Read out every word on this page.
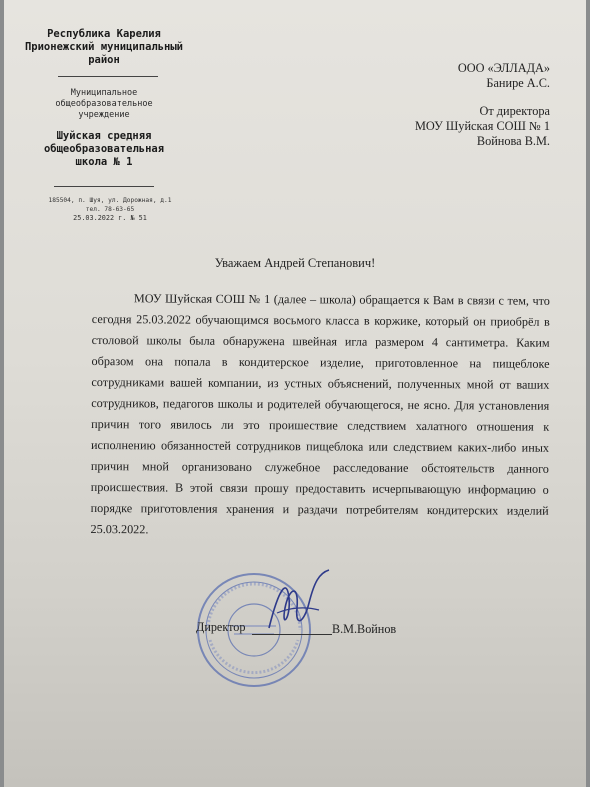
Республика Карелия
Прионежский муниципальный
район
Муниципальное
общеобразовательное
учреждение
Шуйская средняя
общеобразовательная
школа № 1
185504, п. Шуя, ул. Дорожная, д.1
тел. 78-63-65
25.03.2022 г. № 51
ООО «ЭЛЛАДА»
Банире А.С.
От директора
МОУ Шуйская СОШ № 1
Войнова В.М.
Уважаем Андрей Степанович!
МОУ Шуйская СОШ № 1 (далее – школа) обращается к Вам в связи с тем, что сегодня 25.03.2022 обучающимся восьмого класса в коржике, который он приобрёл в столовой школы была обнаружена швейная игла размером 4 сантиметра. Каким образом она попала в кондитерское изделие, приготовленное на пищеблоке сотрудниками вашей компании, из устных объяснений, полученных мной от ваших сотрудников, педагогов школы и родителей обучающегося, не ясно. Для установления причин того явилось ли это проишествие следствием халатного отношения к исполнению обязанностей сотрудников пищеблока или следствием каких-либо иных причин мной организовано служебное расследование обстоятельств данного проиcшествия. В этой связи прошу предоставить исчерпывающую информацию о порядке приготовления хранения и раздачи потребителям кондитерских изделий 25.03.2022.
Директор	В.М.Войнов
